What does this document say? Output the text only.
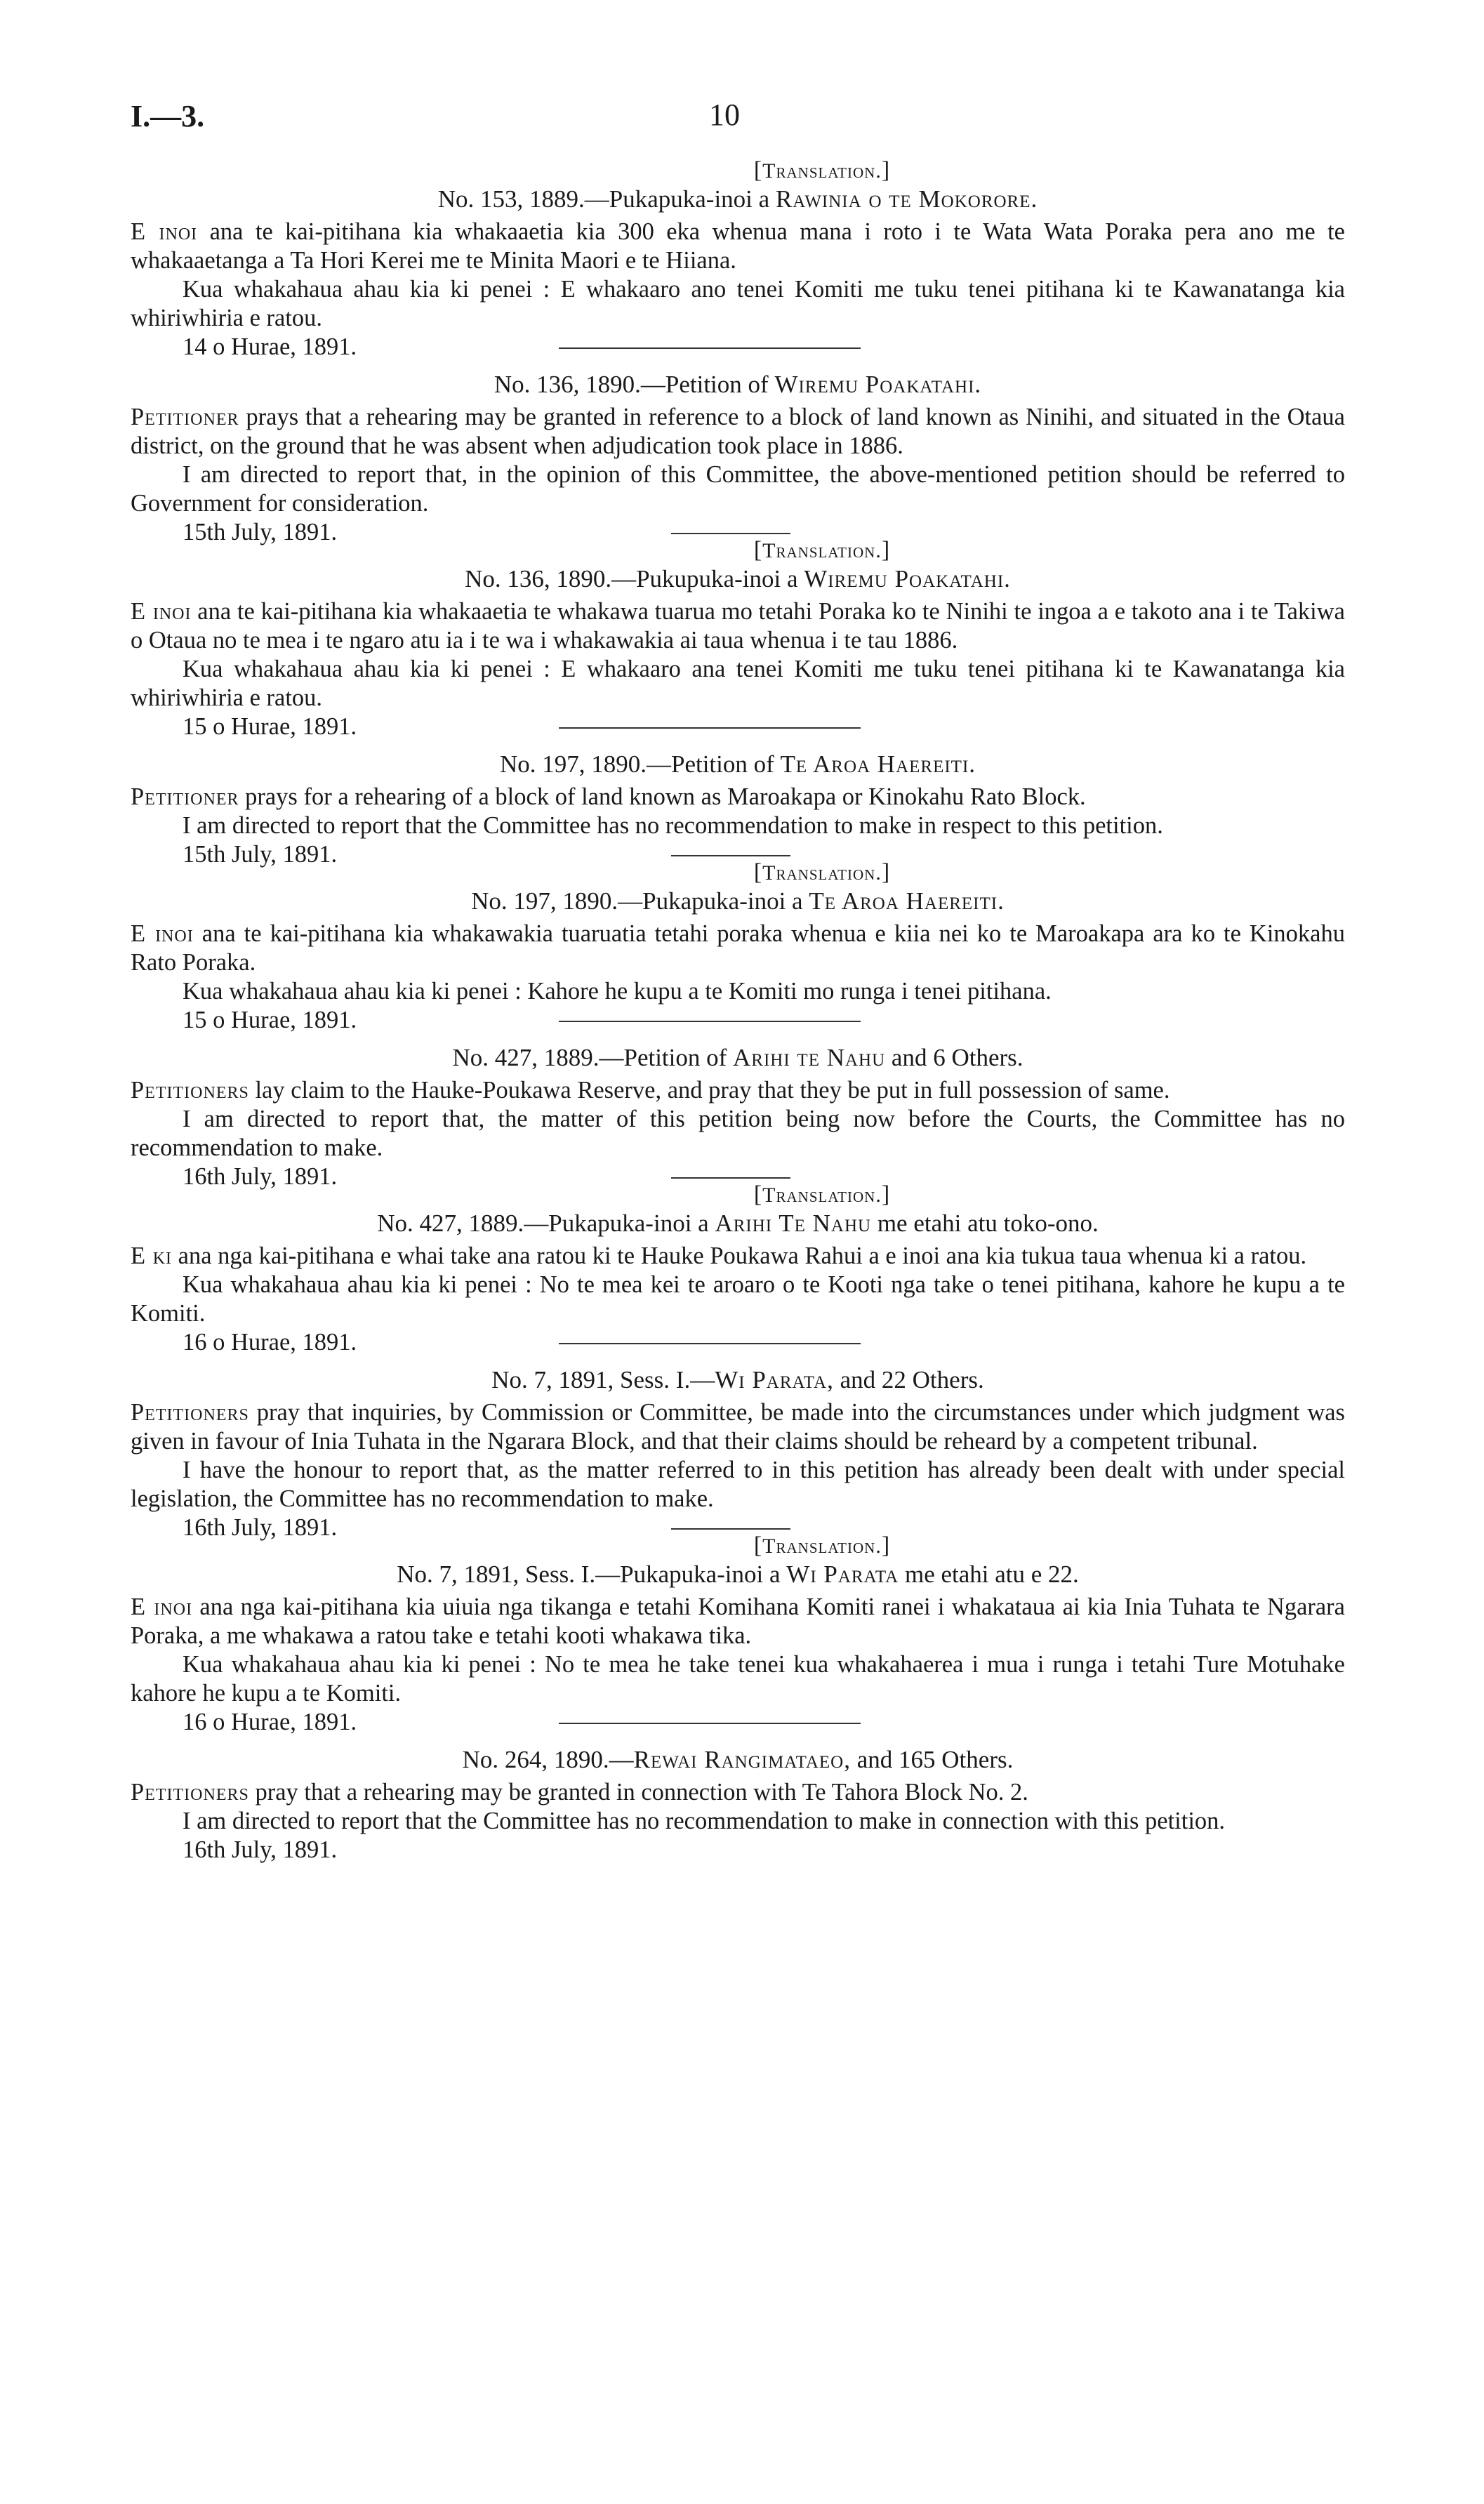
I.—3.	10
[Translation.]
No. 153, 1889.—Pukapuka-inoi a Rawinia o te Mokorore.

E inoi ana te kai-pitihana kia whakaaetia kia 300 eka whenua mana i roto i te Wata Wata Poraka pera ano me te whakaaetanga a Ta Hori Kerei me te Minita Maori e te Hiiana.

Kua whakahaua ahau kia ki penei : E whakaaro ano tenei Komiti me tuku tenei pitihana ki te Kawanatanga kia whiriwhiria e ratou.

14 o Hurae, 1891.
No. 136, 1890.—Petition of Wiremu Poakatahi.

Petitioner prays that a rehearing may be granted in reference to a block of land known as Ninihi, and situated in the Otaua district, on the ground that he was absent when adjudication took place in 1886.

I am directed to report that, in the opinion of this Committee, the above-mentioned petition should be referred to Government for consideration.

15th July, 1891.
[Translation.]
No. 136, 1890.—Pukupuka-inoi a Wiremu Poakatahi.

E inoi ana te kai-pitihana kia whakaaetia te whakawa tuarua mo tetahi Poraka ko te Ninihi te ingoa a e takoto ana i te Takiwa o Otaua no te mea i te ngaro atu ia i te wa i whakawakia ai taua whenua i te tau 1886.

Kua whakahaua ahau kia ki penei : E whakaaro ana tenei Komiti me tuku tenei pitihana ki te Kawanatanga kia whiriwhiria e ratou.

15 o Hurae, 1891.
No. 197, 1890.—Petition of Te Aroa Haereiti.

Petitioner prays for a rehearing of a block of land known as Maroakapa or Kinokahu Rato Block.

I am directed to report that the Committee has no recommendation to make in respect to this petition.

15th July, 1891.
[Translation.]
No. 197, 1890.—Pukapuka-inoi a Te Aroa Haereiti.

E inoi ana te kai-pitihana kia whakawakia tuaruatia tetahi poraka whenua e kiia nei ko te Maroakapa ara ko te Kinokahu Rato Poraka.

Kua whakahaua ahau kia ki penei : Kahore he kupu a te Komiti mo runga i tenei pitihana.

15 o Hurae, 1891.
No. 427, 1889.—Petition of Arihi te Nahu and 6 Others.

Petitioners lay claim to the Hauke-Poukawa Reserve, and pray that they be put in full possession of same.

I am directed to report that, the matter of this petition being now before the Courts, the Committee has no recommendation to make.

16th July, 1891.
[Translation.]
No. 427, 1889.—Pukapuka-inoi a Arihi Te Nahu me etahi atu toko-ono.

E ki ana nga kai-pitihana e whai take ana ratou ki te Hauke Poukawa Rahui a e inoi ana kia tukua taua whenua ki a ratou.

Kua whakahaua ahau kia ki penei : No te mea kei te aroaro o te Kooti nga take o tenei pitihana, kahore he kupu a te Komiti.

16 o Hurae, 1891.
No. 7, 1891, Sess. I.—Wi Parata, and 22 Others.

Petitioners pray that inquiries, by Commission or Committee, be made into the circumstances under which judgment was given in favour of Inia Tuhata in the Ngarara Block, and that their claims should be reheard by a competent tribunal.

I have the honour to report that, as the matter referred to in this petition has already been dealt with under special legislation, the Committee has no recommendation to make.

16th July, 1891.
[Translation.]
No. 7, 1891, Sess. I.—Pukapuka-inoi a Wi Parata me etahi atu e 22.

E inoi ana nga kai-pitihana kia uiuia nga tikanga e tetahi Komihana Komiti ranei i whakataua ai kia Inia Tuhata te Ngarara Poraka, a me whakawa a ratou take e tetahi kooti whakawa tika.

Kua whakahaua ahau kia ki penei : No te mea he take tenei kua whakahaerea i mua i runga i tetahi Ture Motuhake kahore he kupu a te Komiti.

16 o Hurae, 1891.
No. 264, 1890.—Rewai Rangimataeo, and 165 Others.

Petitioners pray that a rehearing may be granted in connection with Te Tahora Block No. 2.

I am directed to report that the Committee has no recommendation to make in connection with this petition.

16th July, 1891.
